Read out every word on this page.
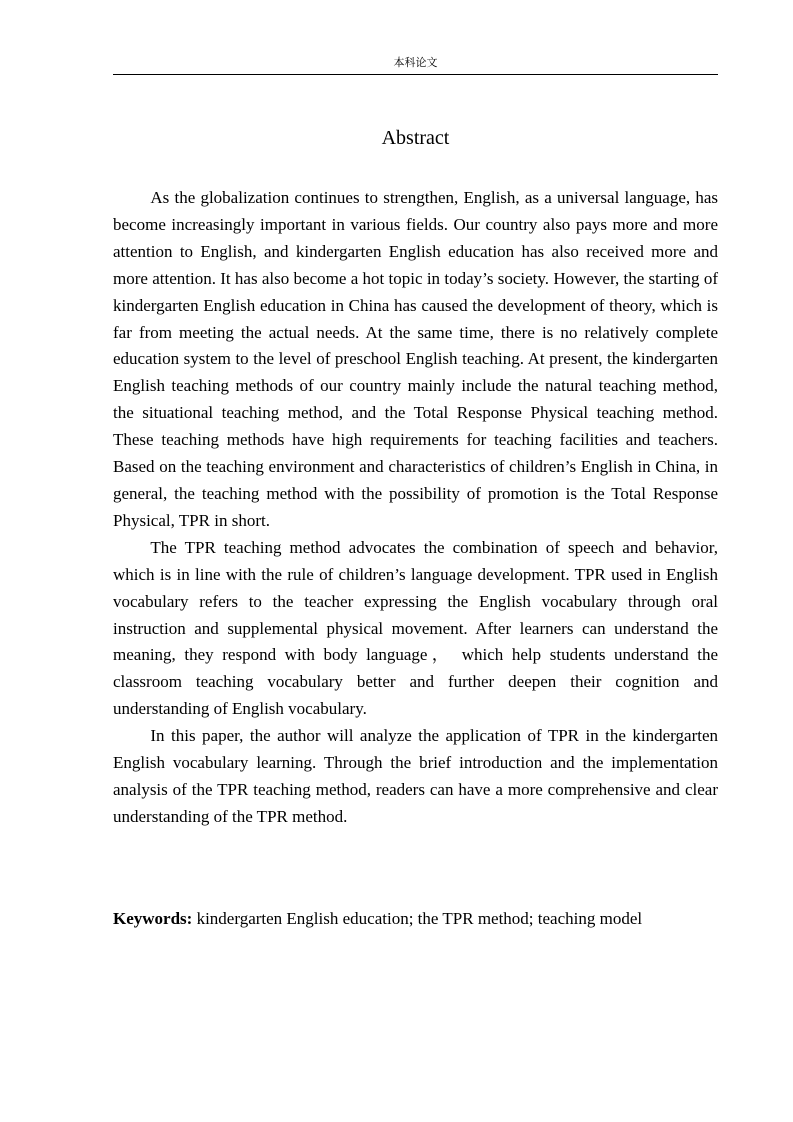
本科论文
Abstract

As the globalization continues to strengthen, English, as a universal language, has become increasingly important in various fields. Our country also pays more and more attention to English, and kindergarten English education has also received more and more attention. It has also become a hot topic in today’s society. However, the starting of kindergarten English education in China has caused the development of theory, which is far from meeting the actual needs. At the same time, there is no relatively complete education system to the level of preschool English teaching. At present, the kindergarten English teaching methods of our country mainly include the natural teaching method, the situational teaching method, and the Total Response Physical teaching method. These teaching methods have high requirements for teaching facilities and teachers. Based on the teaching environment and characteristics of children’s English in China, in general, the teaching method with the possibility of promotion is the Total Response Physical, TPR in short.

The TPR teaching method advocates the combination of speech and behavior, which is in line with the rule of children’s language development. TPR used in English vocabulary refers to the teacher expressing the English vocabulary through oral instruction and supplemental physical movement. After learners can understand the meaning, they respond with body language， which help students understand the classroom teaching vocabulary better and further deepen their cognition and understanding of English vocabulary.

In this paper, the author will analyze the application of TPR in the kindergarten English vocabulary learning. Through the brief introduction and the implementation analysis of the TPR teaching method, readers can have a more comprehensive and clear understanding of the TPR method.

Keywords: kindergarten English education; the TPR method; teaching model
